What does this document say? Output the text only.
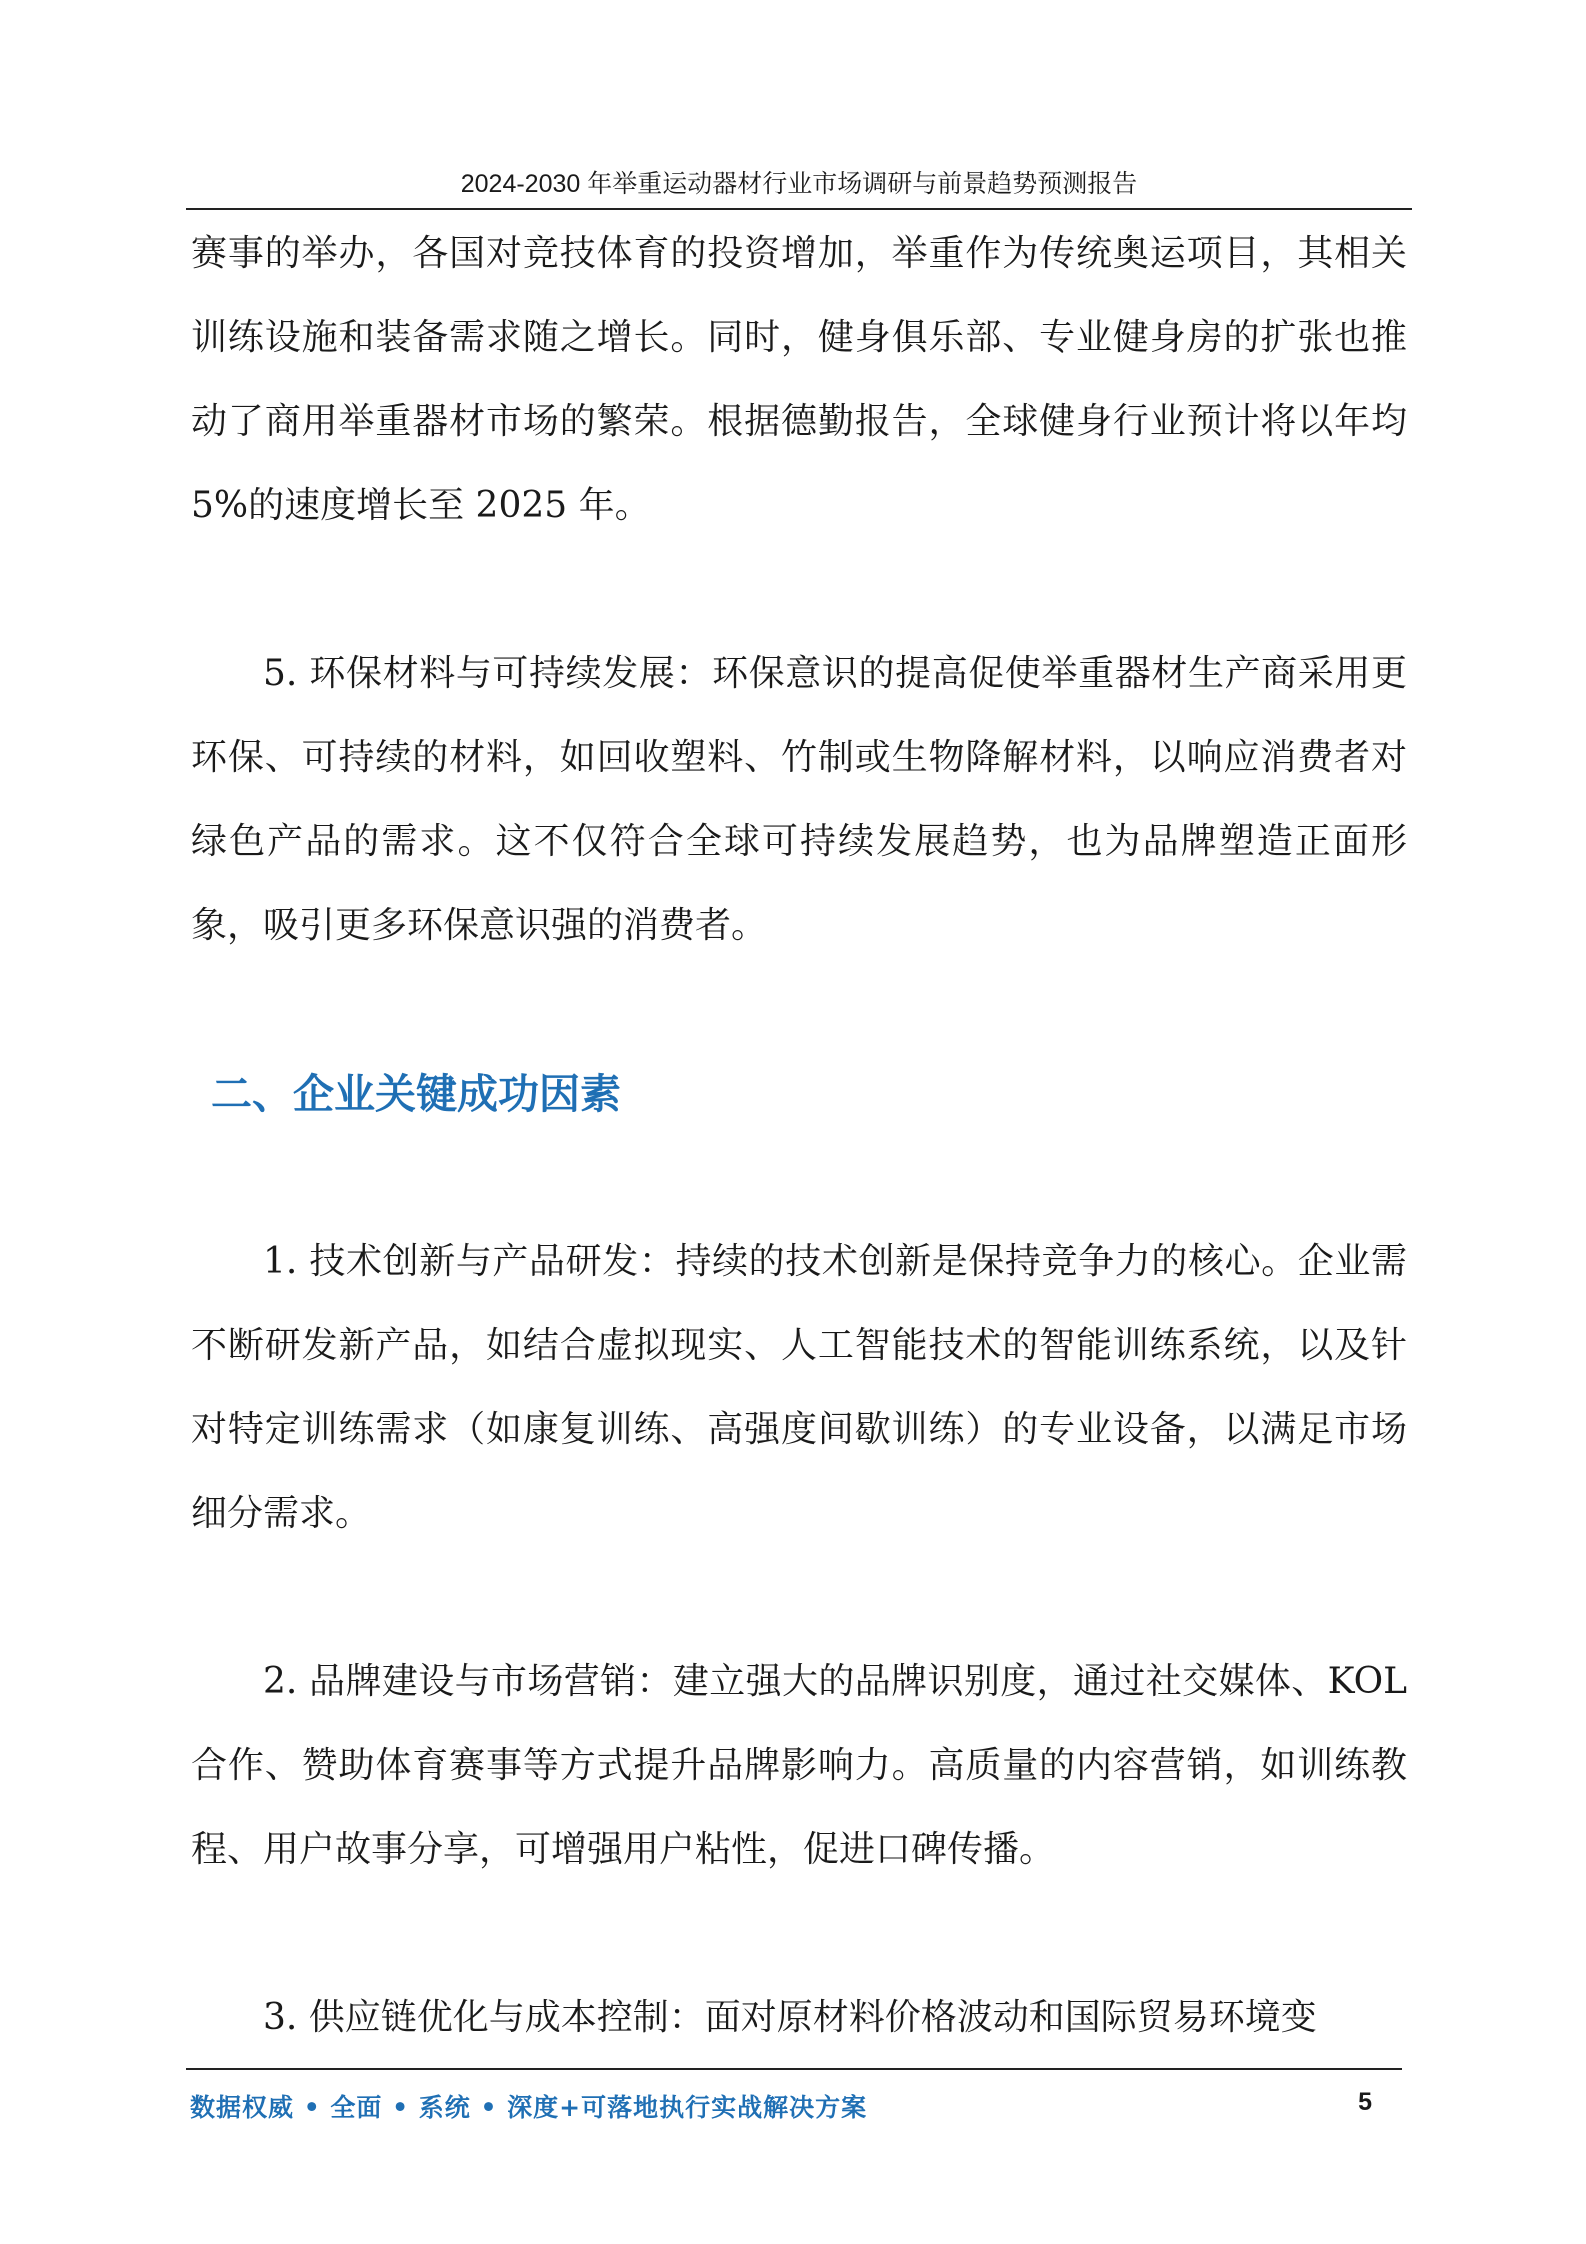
2024-2030 年举重运动器材行业市场调研与前景趋势预测报告

赛事的举办，各国对竞技体育的投资增加，举重作为传统奥运项目，其相关训练设施和装备需求随之增长。同时，健身俱乐部、专业健身房的扩张也推动了商用举重器材市场的繁荣。根据德勤报告，全球健身行业预计将以年均 5%的速度增长至 2025 年。

5. 环保材料与可持续发展：环保意识的提高促使举重器材生产商采用更环保、可持续的材料，如回收塑料、竹制或生物降解材料，以响应消费者对绿色产品的需求。这不仅符合全球可持续发展趋势，也为品牌塑造正面形象，吸引更多环保意识强的消费者。

二、企业关键成功因素

1. 技术创新与产品研发：持续的技术创新是保持竞争力的核心。企业需不断研发新产品，如结合虚拟现实、人工智能技术的智能训练系统，以及针对特定训练需求（如康复训练、高强度间歇训练）的专业设备，以满足市场细分需求。

2. 品牌建设与市场营销：建立强大的品牌识别度，通过社交媒体、KOL 合作、赞助体育赛事等方式提升品牌影响力。高质量的内容营销，如训练教程、用户故事分享，可增强用户粘性，促进口碑传播。

3. 供应链优化与成本控制：面对原材料价格波动和国际贸易环境变

数据权威 • 全面 • 系统 • 深度+可落地执行实战解决方案	5
